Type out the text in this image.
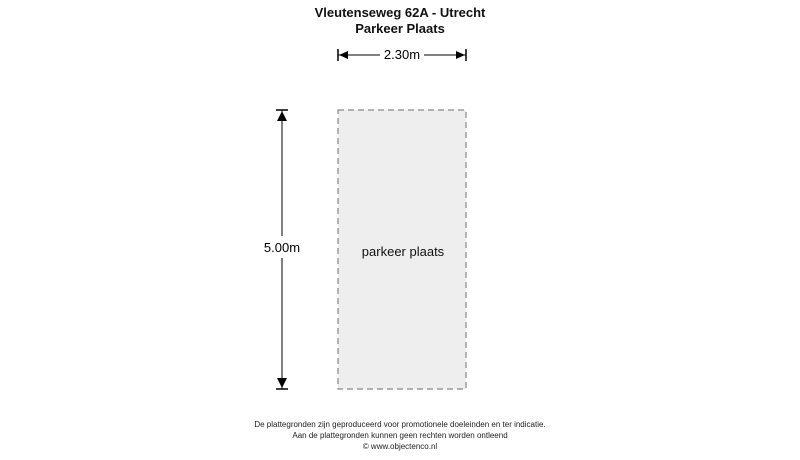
Vleutenseweg 62A - Utrecht
Parkeer Plaats
parkeer plaats
2.30m
5.00m
De plattegronden zijn geproduceerd voor promotionele doeleinden en ter indicatie.
Aan de plattegronden kunnen geen rechten worden ontleend
© www.objectenco.nl
